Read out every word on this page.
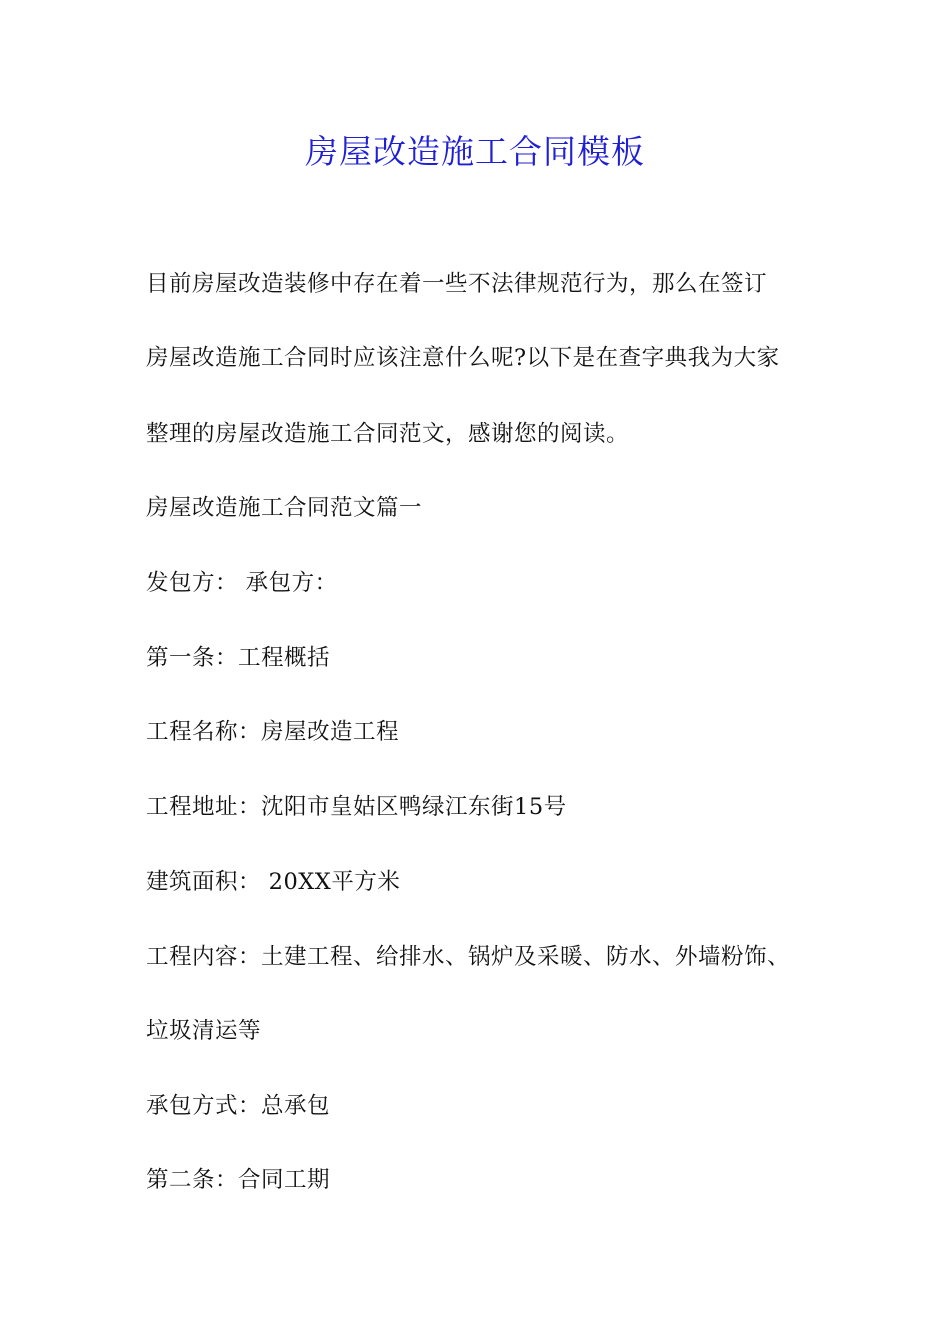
房屋改造施工合同模板
目前房屋改造装修中存在着一些不法律规范行为，那么在签订
房屋改造施工合同时应该注意什么呢?以下是在查字典我为大家
整理的房屋改造施工合同范文，感谢您的阅读。
房屋改造施工合同范文篇一
发包方： 承包方：
第一条：工程概括
工程名称：房屋改造工程
工程地址：沈阳市皇姑区鸭绿江东街15号
建筑面积： 20XX平方米
工程内容：土建工程、给排水、锅炉及采暖、防水、外墙粉饰、
垃圾清运等
承包方式：总承包
第二条：合同工期
